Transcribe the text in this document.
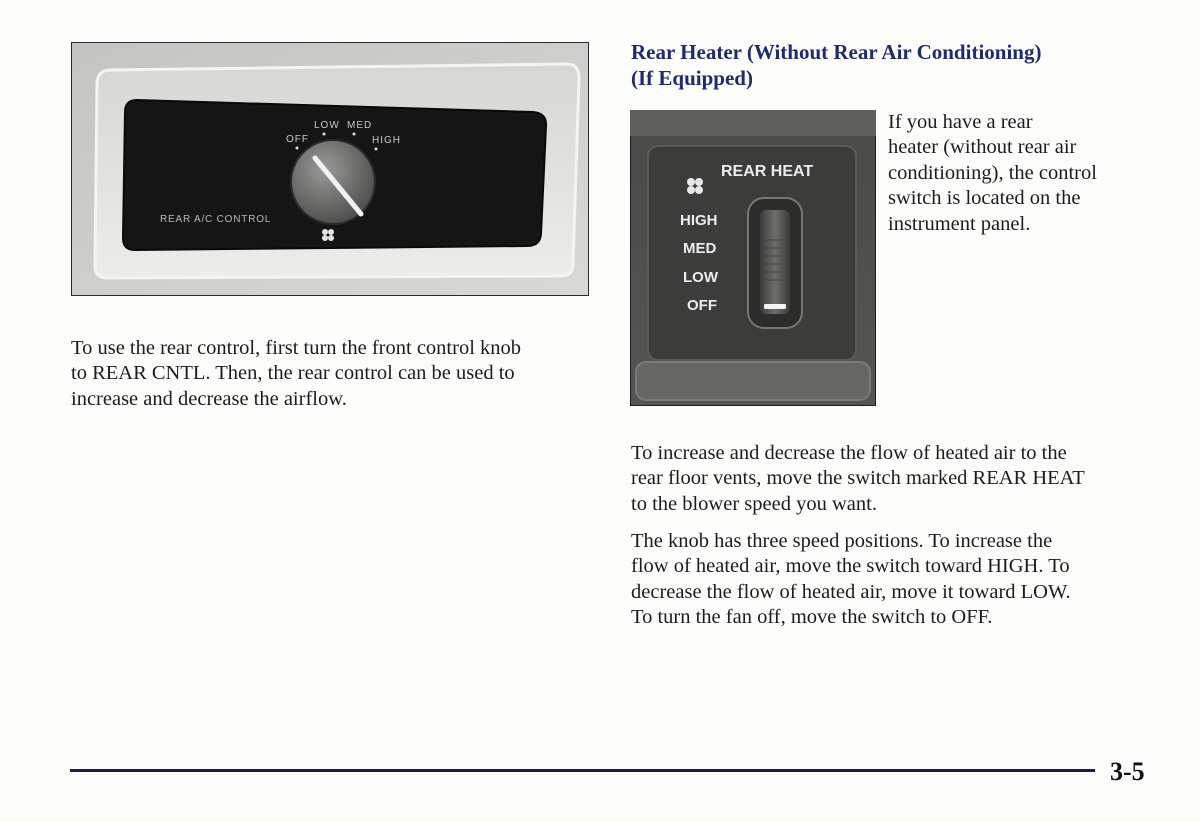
OFF
LOW MED
HIGH
REAR A/C CONTROL
To use the rear control, first turn the front control knob
to REAR CNTL. Then, the rear control can be used to
increase and decrease the airflow.
Rear Heater (Without Rear Air Conditioning)
(If Equipped)
REAR HEAT
HIGH
MED
LOW
OFF
If you have a rear
heater (without rear air
conditioning), the control
switch is located on the
instrument panel.
To increase and decrease the flow of heated air to the
rear floor vents, move the switch marked REAR HEAT
to the blower speed you want.
The knob has three speed positions. To increase the
flow of heated air, move the switch toward HIGH. To
decrease the flow of heated air, move it toward LOW.
To turn the fan off, move the switch to OFF.
3-5
